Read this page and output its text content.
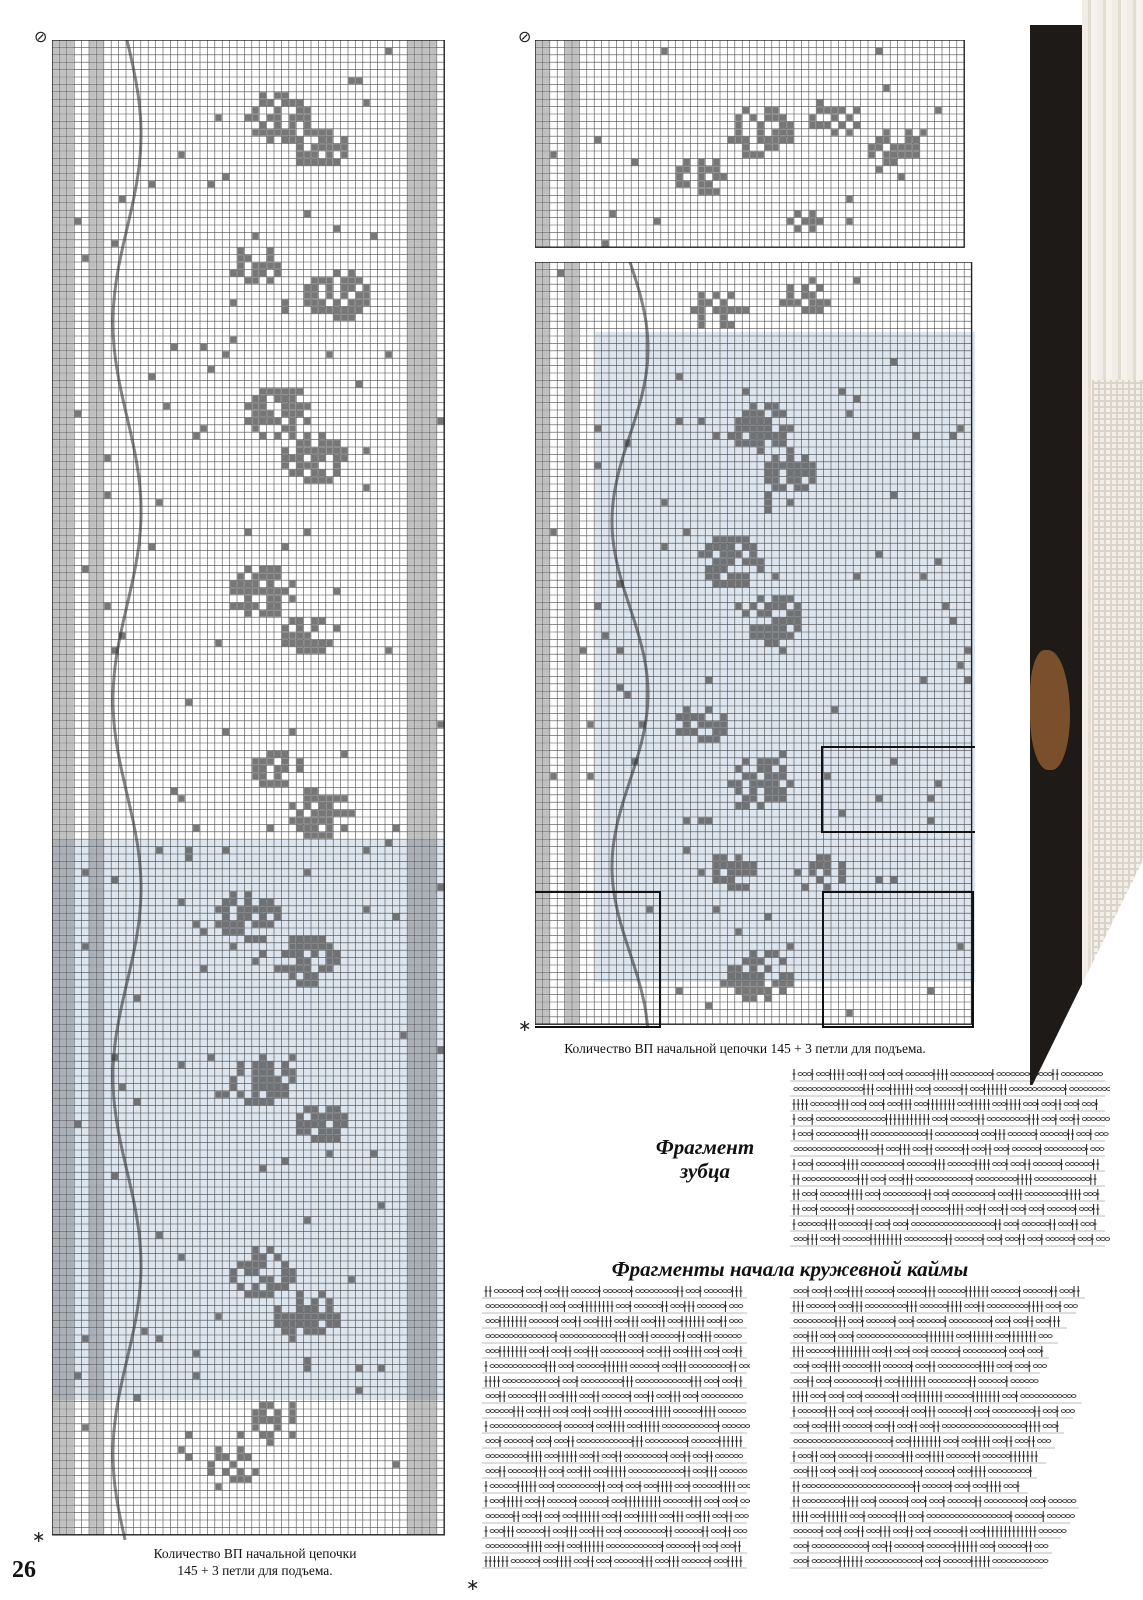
⊘
∗
26
Количество ВП начальной цепочки
145 + 3 петли для подъема.
⊘
∗
Количество ВП начальной цепочки 145 + 3 петли для подъема.
Фрагмент
зубца
Фрагменты начала кружевной каймы
∗
